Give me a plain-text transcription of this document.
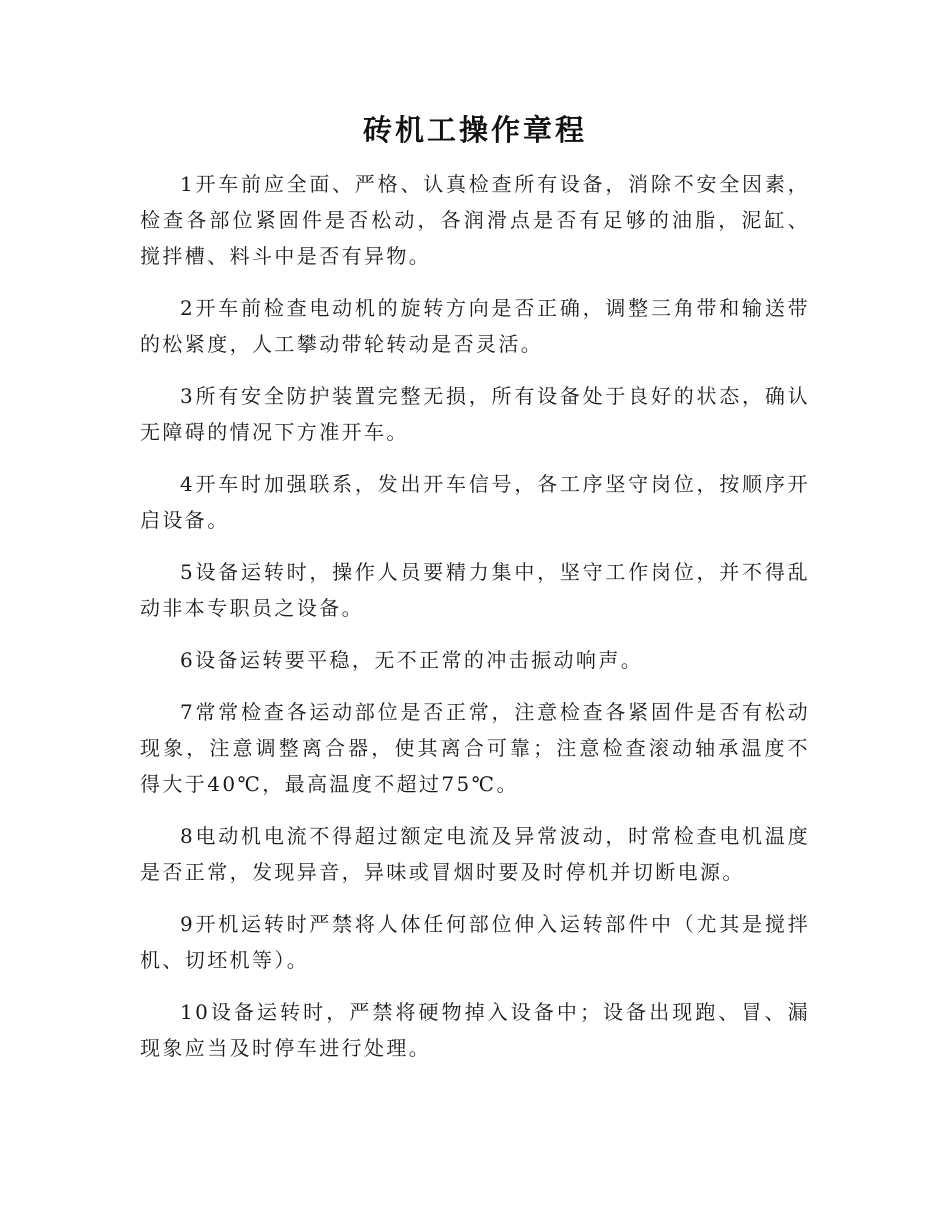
砖机工操作章程

1开车前应全面、严格、认真检查所有设备，消除不安全因素，检查各部位紧固件是否松动，各润滑点是否有足够的油脂，泥缸、搅拌槽、料斗中是否有异物。

2开车前检查电动机的旋转方向是否正确，调整三角带和输送带的松紧度，人工攀动带轮转动是否灵活。

3所有安全防护装置完整无损，所有设备处于良好的状态，确认无障碍的情况下方准开车。

4开车时加强联系，发出开车信号，各工序坚守岗位，按顺序开启设备。

5设备运转时，操作人员要精力集中，坚守工作岗位，并不得乱动非本专职员之设备。

6设备运转要平稳，无不正常的冲击振动响声。

7常常检查各运动部位是否正常，注意检查各紧固件是否有松动现象，注意调整离合器，使其离合可靠；注意检查滚动轴承温度不得大于40℃，最高温度不超过75℃。

8电动机电流不得超过额定电流及异常波动，时常检查电机温度是否正常，发现异音，异味或冒烟时要及时停机并切断电源。

9开机运转时严禁将人体任何部位伸入运转部件中（尤其是搅拌机、切坯机等）。

10设备运转时，严禁将硬物掉入设备中；设备出现跑、冒、漏现象应当及时停车进行处理。
